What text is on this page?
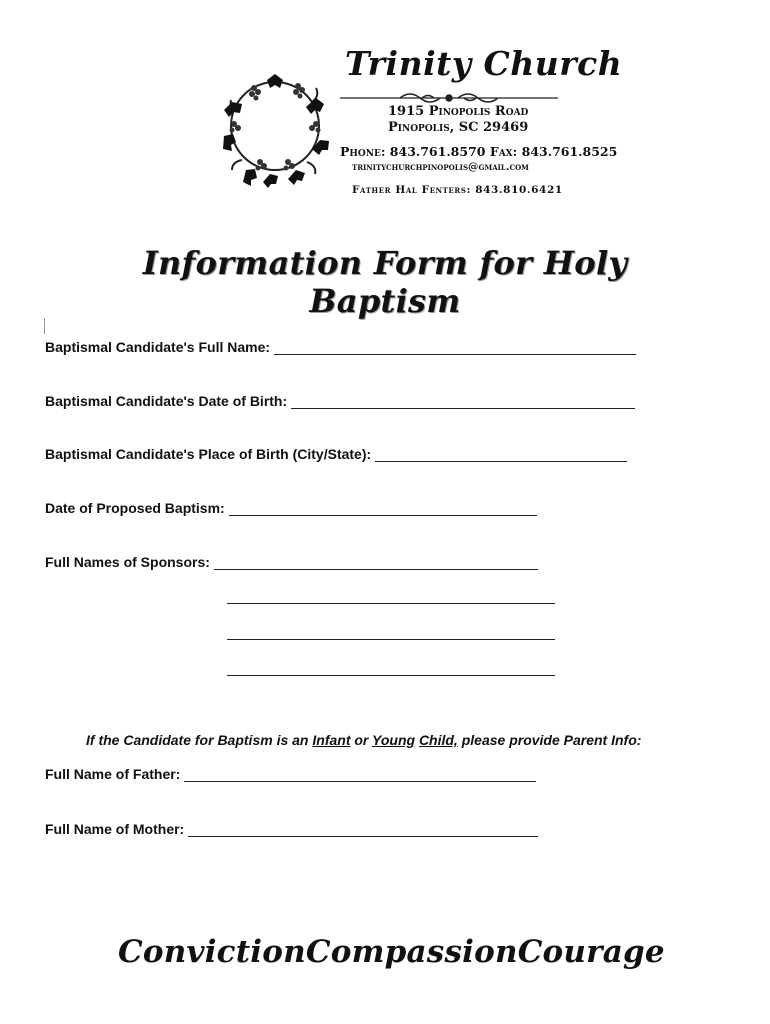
Trinity Church
1915 Pinopolis Road
Pinopolis, SC 29469
Phone: 843.761.8570 Fax: 843.761.8525
trinitychurchpinopolis@gmail.com
Father Hal Fenters: 843.810.6421
Information Form for Holy Baptism
Baptismal Candidate's Full Name:
Baptismal Candidate's Date of Birth:
Baptismal Candidate's Place of Birth (City/State):
Date of Proposed Baptism:
Full Names of Sponsors:
If the Candidate for Baptism is an Infant or Young Child, please provide Parent Info:
Full Name of Father:
Full Name of Mother:
Conviction Compassion Courage
